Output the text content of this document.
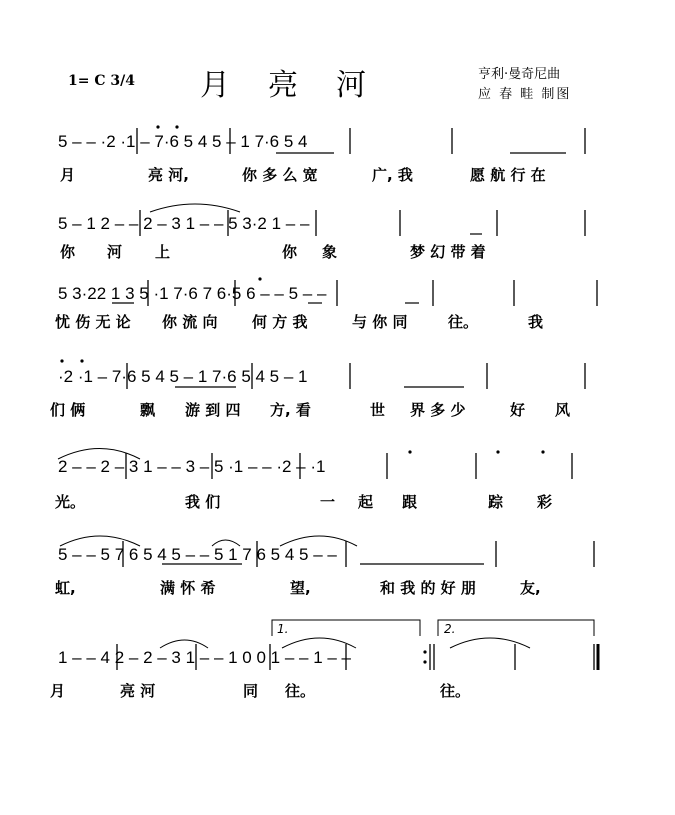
1= C 3/4 月亮河	亨利·曼奇尼曲
应 春 畦 制图
5 – – ·2 ·1 – 7·6 5 4 5 – 1 7·6 5 4
5 – 1 2 – – 2 – 3 1 – – 5 3·2 1 – –
5 3·22 1 3 5 ·1 7·6 7 6·5 6 – – 5 – –
·2 ·1 – 7·6 5 4 5 – 1 7·6 5 4 5 – 1
2 – – 2 – 3 1 – – 3 – 5 ·1 – – ·2 – ·1
5 – – 5 7 6 5 4 5 – – 5 1 7 6 5 4 5 – –
1 – – 4 2 – 2 – 3 1 – – 1 0 0 1 – – 1 – –
月	亮 河,	你 多 么 宽	广, 我	愿 航 行 在
你 河 上	你 象	梦 幻 带 着
忧 伤 无 论 你 流 向 何 方 我	与 你 同	往。	我
们 俩	飘 游 到 四 方, 看	世 界 多 少	好 风
光。	我 们	一 起 跟	踪 彩
虹,	满 怀 希	望,	和 我 的 好 朋	友,
月	亮 河	同 往。	往。
1.	2.
